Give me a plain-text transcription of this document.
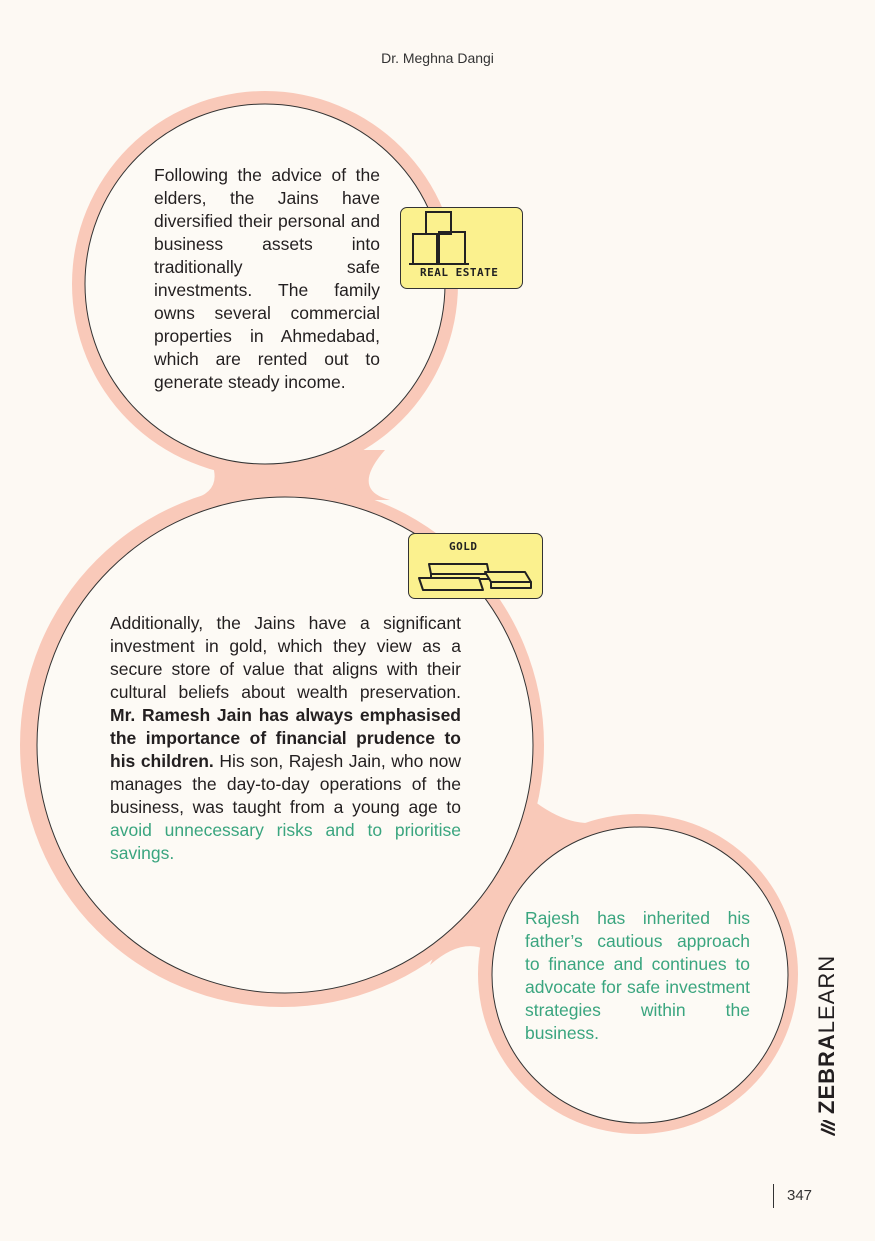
Dr. Meghna Dangi
Following the advice of the elders, the Jains have diversified their personal and business assets into traditionally safe investments. The family owns several commercial properties in Ahmedabad, which are rented out to generate steady income.
Additionally, the Jains have a significant investment in gold, which they view as a secure store of value that aligns with their cultural beliefs about wealth preservation. Mr. Ramesh Jain has always emphasised the importance of financial prudence to his children. His son, Rajesh Jain, who now manages the day-to-day operations of the business, was taught from a young age to avoid unnecessary risks and to prioritise savings.
Rajesh has inherited his father’s cautious approach to finance and continues to advocate for safe investment strategies within the business.
REAL ESTATE
GOLD
ZEBRALEARN
347
